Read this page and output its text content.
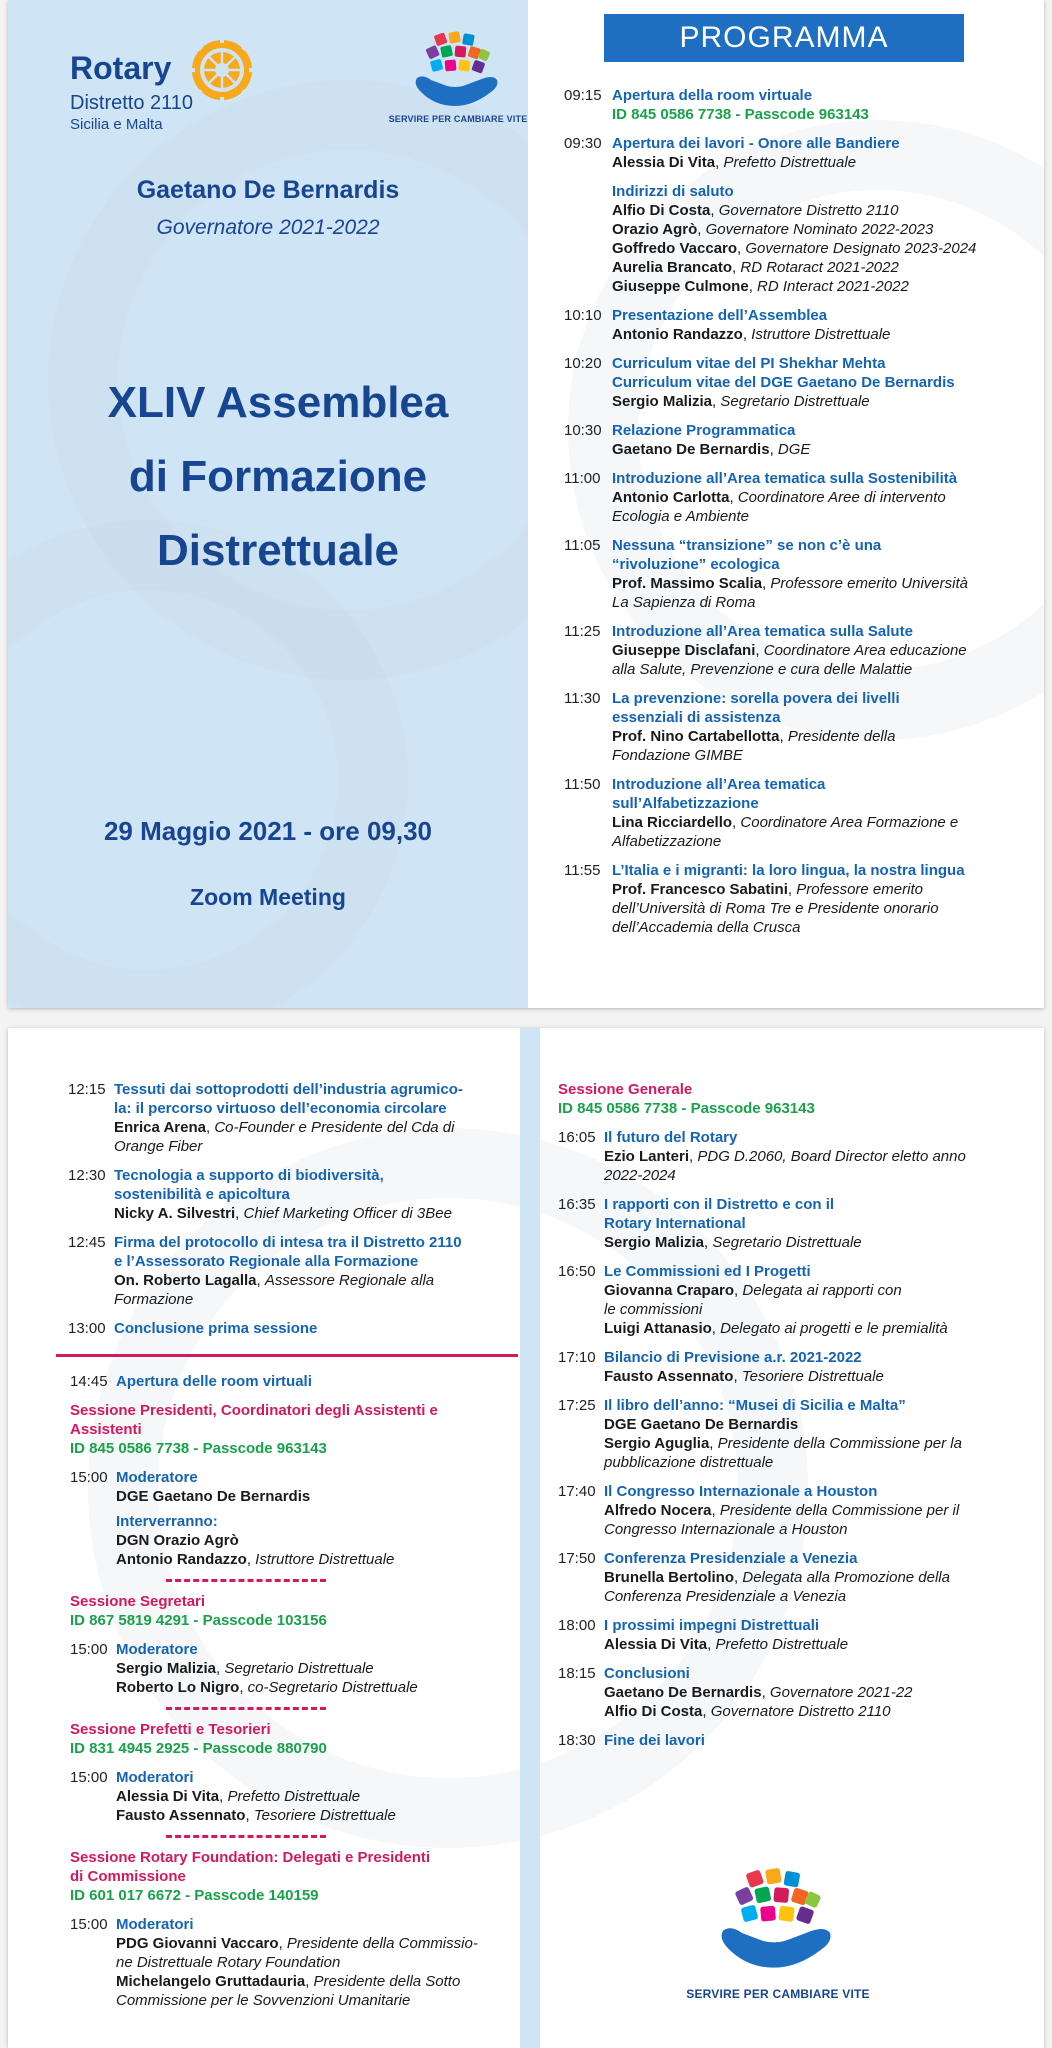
Rotary
Distretto 2110
Sicilia e Malta	SERVIRE PER CAMBIARE VITE
Gaetano De Bernardis
Governatore 2021-2022
XLIV Assemblea
di Formazione
Distrettuale
29 Maggio 2021 - ore 09,30
Zoom Meeting
PROGRAMMA
09:15 Apertura della room virtuale
ID 845 0586 7738 - Passcode 963143
09:30 Apertura dei lavori - Onore alle Bandiere
Alessia Di Vita, Prefetto Distrettuale
Indirizzi di saluto
Alfio Di Costa, Governatore Distretto 2110
Orazio Agrò, Governatore Nominato 2022-2023
Goffredo Vaccaro, Governatore Designato 2023-2024
Aurelia Brancato, RD Rotaract 2021-2022
Giuseppe Culmone, RD Interact 2021-2022
10:10 Presentazione dell’Assemblea
Antonio Randazzo, Istruttore Distrettuale
10:20 Curriculum vitae del PI Shekhar Mehta
Curriculum vitae del DGE Gaetano De Bernardis
Sergio Malizia, Segretario Distrettuale
10:30 Relazione Programmatica
Gaetano De Bernardis, DGE
11:00 Introduzione all’Area tematica sulla Sostenibilità
Antonio Carlotta, Coordinatore Aree di intervento
Ecologia e Ambiente
11:05 Nessuna “transizione” se non c’è una
“rivoluzione” ecologica
Prof. Massimo Scalia, Professore emerito Università
La Sapienza di Roma
11:25 Introduzione all’Area tematica sulla Salute
Giuseppe Disclafani, Coordinatore Area educazione
alla Salute, Prevenzione e cura delle Malattie
11:30 La prevenzione: sorella povera dei livelli
essenziali di assistenza
Prof. Nino Cartabellotta, Presidente della
Fondazione GIMBE
11:50 Introduzione all’Area tematica
sull’Alfabetizzazione
Lina Ricciardello, Coordinatore Area Formazione e
Alfabetizzazione
11:55 L’Italia e i migranti: la loro lingua, la nostra lingua
Prof. Francesco Sabatini, Professore emerito
dell’Università di Roma Tre e Presidente onorario
dell’Accademia della Crusca
12:15 Tessuti dai sottoprodotti dell’industria agrumico-
la: il percorso virtuoso dell’economia circolare
Enrica Arena, Co-Founder e Presidente del Cda di
Orange Fiber
12:30 Tecnologia a supporto di biodiversità,
sostenibilità e apicoltura
Nicky A. Silvestri, Chief Marketing Officer di 3Bee
12:45 Firma del protocollo di intesa tra il Distretto 2110
e l’Assessorato Regionale alla Formazione
On. Roberto Lagalla, Assessore Regionale alla
Formazione
13:00 Conclusione prima sessione
14:45 Apertura delle room virtuali
Sessione Presidenti, Coordinatori degli Assistenti e
Assistenti
ID 845 0586 7738 - Passcode 963143
15:00 Moderatore
DGE Gaetano De Bernardis
Interverranno:
DGN Orazio Agrò
Antonio Randazzo, Istruttore Distrettuale
Sessione Segretari
ID 867 5819 4291 - Passcode 103156
15:00 Moderatore
Sergio Malizia, Segretario Distrettuale
Roberto Lo Nigro, co-Segretario Distrettuale
Sessione Prefetti e Tesorieri
ID 831 4945 2925 - Passcode 880790
15:00 Moderatori
Alessia Di Vita, Prefetto Distrettuale
Fausto Assennato, Tesoriere Distrettuale
Sessione Rotary Foundation: Delegati e Presidenti
di Commissione
ID 601 017 6672 - Passcode 140159
15:00 Moderatori
PDG Giovanni Vaccaro, Presidente della Commissio-
ne Distrettuale Rotary Foundation
Michelangelo Gruttadauria, Presidente della Sotto
Commissione per le Sovvenzioni Umanitarie
Sessione Generale
ID 845 0586 7738 - Passcode 963143
16:05 Il futuro del Rotary
Ezio Lanteri, PDG D.2060, Board Director eletto anno
2022-2024
16:35 I rapporti con il Distretto e con il
Rotary International
Sergio Malizia, Segretario Distrettuale
16:50 Le Commissioni ed I Progetti
Giovanna Craparo, Delegata ai rapporti con
le commissioni
Luigi Attanasio, Delegato ai progetti e le premialità
17:10 Bilancio di Previsione a.r. 2021-2022
Fausto Assennato, Tesoriere Distrettuale
17:25 Il libro dell’anno: “Musei di Sicilia e Malta”
DGE Gaetano De Bernardis
Sergio Aguglia, Presidente della Commissione per la
pubblicazione distrettuale
17:40 Il Congresso Internazionale a Houston
Alfredo Nocera, Presidente della Commissione per il
Congresso Internazionale a Houston
17:50 Conferenza Presidenziale a Venezia
Brunella Bertolino, Delegata alla Promozione della
Conferenza Presidenziale a Venezia
18:00 I prossimi impegni Distrettuali
Alessia Di Vita, Prefetto Distrettuale
18:15 Conclusioni
Gaetano De Bernardis, Governatore 2021-22
Alfio Di Costa, Governatore Distretto 2110
18:30 Fine dei lavori
SERVIRE PER CAMBIARE VITE
